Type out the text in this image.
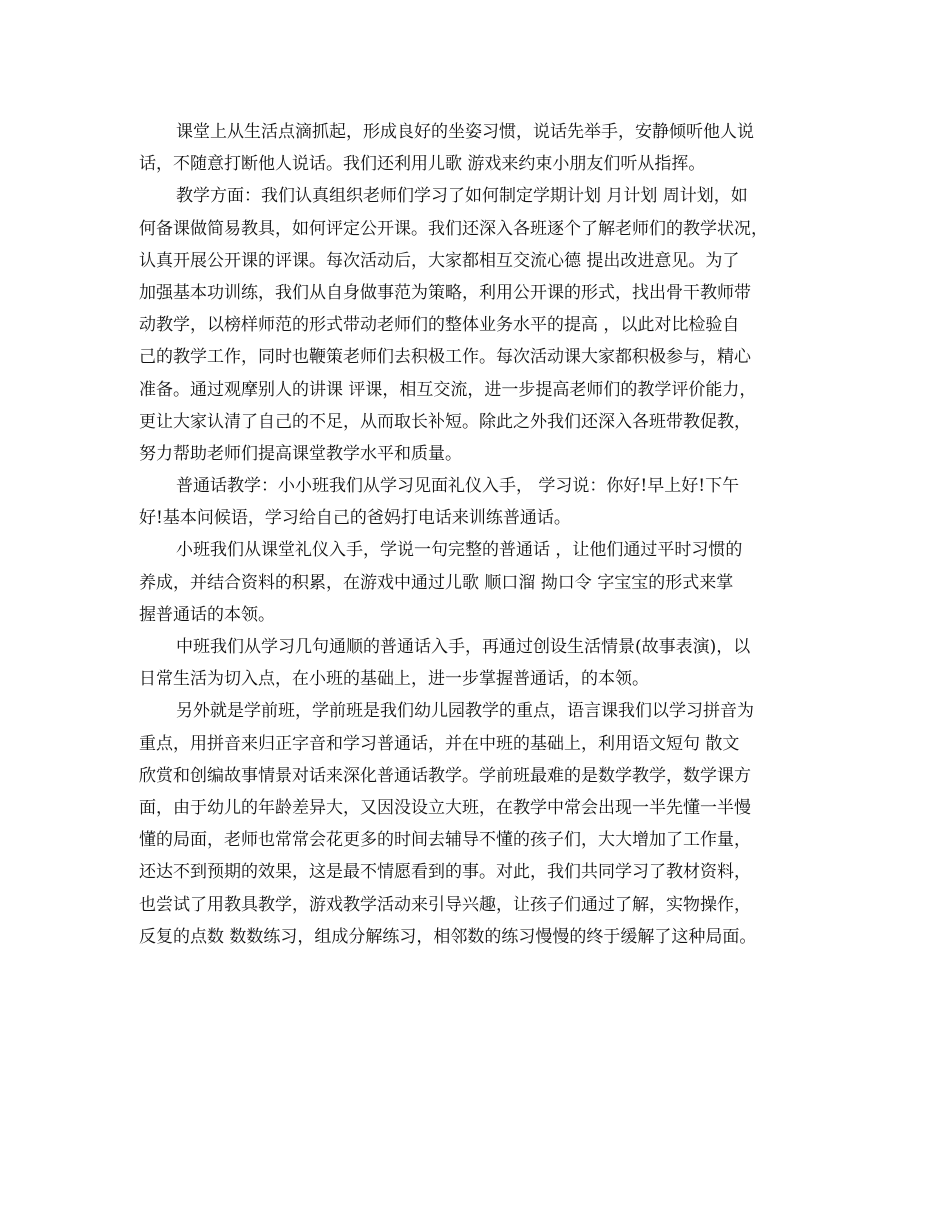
课堂上从生活点滴抓起，形成良好的坐姿习惯，说话先举手，安静倾听他人说
话，不随意打断他人说话。我们还利用儿歌 游戏来约束小朋友们听从指挥。
教学方面：我们认真组织老师们学习了如何制定学期计划 月计划 周计划，如
何备课做简易教具，如何评定公开课。我们还深入各班逐个了解老师们的教学状况，
认真开展公开课的评课。每次活动后，大家都相互交流心德 提出改进意见。为了
加强基本功训练，我们从自身做事范为策略，利用公开课的形式，找出骨干教师带
动教学，以榜样师范的形式带动老师们的整体业务水平的提高 ，以此对比检验自
己的教学工作，同时也鞭策老师们去积极工作。每次活动课大家都积极参与，精心
准备。通过观摩别人的讲课 评课，相互交流，进一步提高老师们的教学评价能力，
更让大家认清了自己的不足，从而取长补短。除此之外我们还深入各班带教促教，
努力帮助老师们提高课堂教学水平和质量。
普通话教学：小小班我们从学习见面礼仪入手， 学习说：你好!早上好!下午
好!基本问候语，学习给自己的爸妈打电话来训练普通话。
小班我们从课堂礼仪入手，学说一句完整的普通话 ，让他们通过平时习惯的
养成，并结合资料的积累，在游戏中通过儿歌 顺口溜 拗口令 字宝宝的形式来掌
握普通话的本领。
中班我们从学习几句通顺的普通话入手，再通过创设生活情景(故事表演)，以
日常生活为切入点，在小班的基础上，进一步掌握普通话，的本领。
另外就是学前班，学前班是我们幼儿园教学的重点，语言课我们以学习拼音为
重点，用拼音来归正字音和学习普通话，并在中班的基础上，利用语文短句 散文
欣赏和创编故事情景对话来深化普通话教学。学前班最难的是数学教学，数学课方
面，由于幼儿的年龄差异大，又因没设立大班，在教学中常会出现一半先懂一半慢
懂的局面，老师也常常会花更多的时间去辅导不懂的孩子们，大大增加了工作量，
还达不到预期的效果，这是最不情愿看到的事。对此，我们共同学习了教材资料，
也尝试了用教具教学，游戏教学活动来引导兴趣，让孩子们通过了解，实物操作，
反复的点数 数数练习，组成分解练习，相邻数的练习慢慢的终于缓解了这种局面。
